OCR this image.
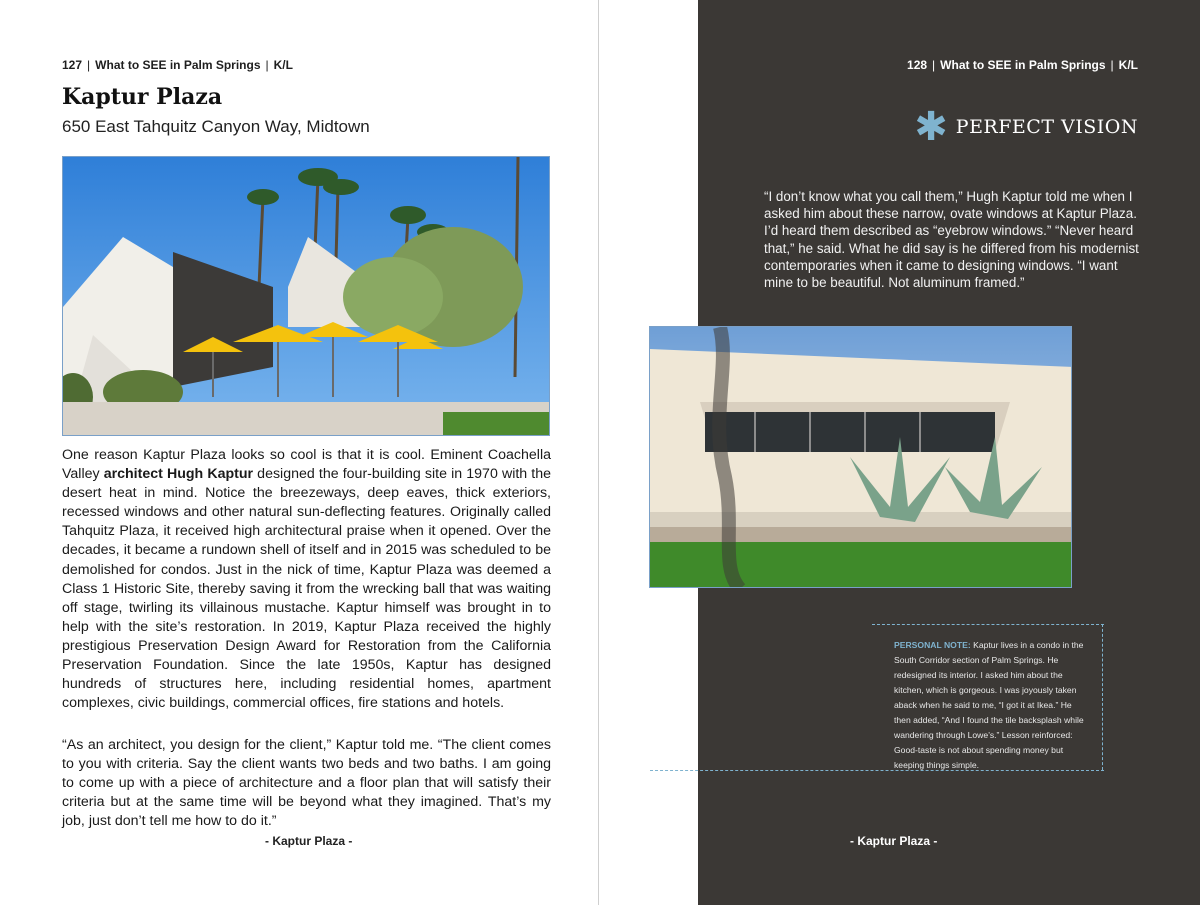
127 | What to SEE in Palm Springs | K/L
Kaptur Plaza

650 East Tahquitz Canyon Way, Midtown

One reason Kaptur Plaza looks so cool is that it is cool. Eminent Coachella Valley architect Hugh Kaptur designed the four-building site in 1970 with the desert heat in mind. Notice the breezeways, deep eaves, thick exteriors, recessed windows and other natural sun-deflecting features. Originally called Tahquitz Plaza, it received high architectural praise when it opened. Over the decades, it became a rundown shell of itself and in 2015 was scheduled to be demolished for condos. Just in the nick of time, Kaptur Plaza was deemed a Class 1 Historic Site, thereby saving it from the wrecking ball that was waiting off stage, twirling its villainous mustache. Kaptur himself was brought in to help with the site’s restoration. In 2019, Kaptur Plaza received the highly prestigious Preservation Design Award for Restoration from the California Preservation Foundation. Since the late 1950s, Kaptur has designed hundreds of structures here, including residential homes, apartment complexes, civic buildings, commercial offices, fire stations and hotels.

“As an architect, you design for the client,” Kaptur told me. “The client comes to you with criteria. Say the client wants two beds and two baths. I am going to come up with a piece of architecture and a floor plan that will satisfy their criteria but at the same time will be beyond what they imagined. That’s my job, just don’t tell me how to do it.”

- Kaptur Plaza -
128 | What to SEE in Palm Springs | K/L
✱ PERFECT VISION

“I don’t know what you call them,” Hugh Kaptur told me when I asked him about these narrow, ovate windows at Kaptur Plaza. I’d heard them described as “eyebrow windows.” “Never heard that,” he said. What he did say is he differed from his modernist contemporaries when it came to designing windows. “I want mine to be beautiful. Not aluminum framed.”

- Kaptur Plaza -

PERSONAL NOTE: Kaptur lives in a condo in the South Corridor section of Palm Springs. He redesigned its interior. I asked him about the kitchen, which is gorgeous. I was joyously taken aback when he said to me, “I got it at Ikea.” He then added, “And I found the tile backsplash while wandering through Lowe’s.” Lesson reinforced: Good-taste is not about spending money but keeping things simple.
